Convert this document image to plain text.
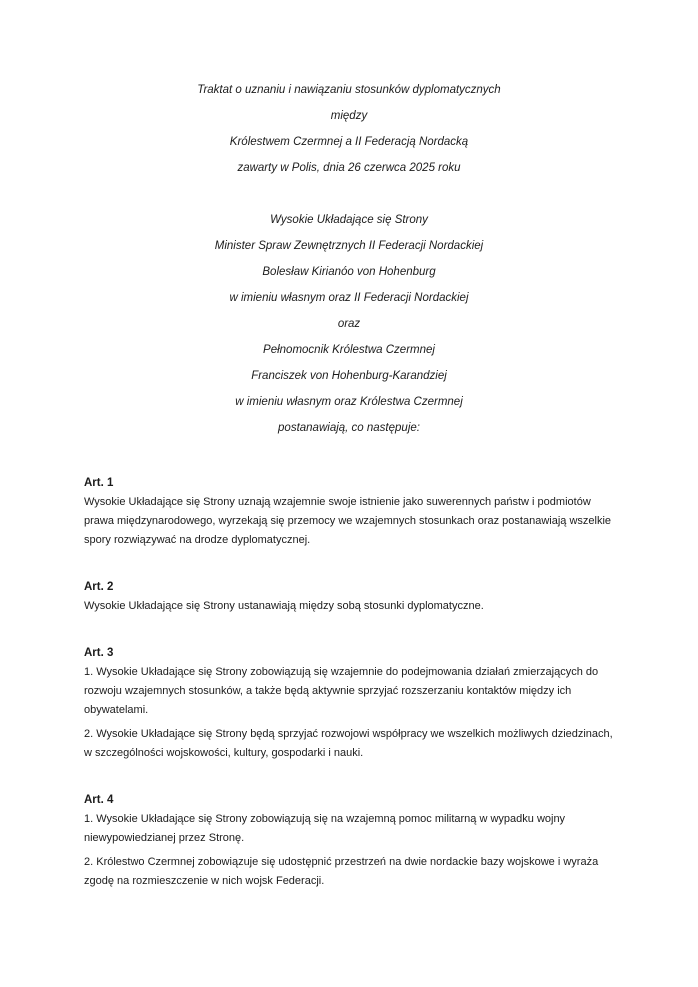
Traktat o uznaniu i nawiązaniu stosunków dyplomatycznych

między

Królestwem Czermnej a II Federacją Nordacką

zawarty w Polis, dnia 26 czerwca 2025 roku

Wysokie Układające się Strony

Minister Spraw Zewnętrznych II Federacji Nordackiej

Bolesław Kirianóo von Hohenburg

w imieniu własnym oraz II Federacji Nordackiej

oraz

Pełnomocnik Królestwa Czermnej

Franciszek von Hohenburg-Karandziej

w imieniu własnym oraz Królestwa Czermnej

postanawiają, co następuje:

Art. 1

Wysokie Układające się Strony uznają wzajemnie swoje istnienie jako suwerennych państw i podmiotów prawa międzynarodowego, wyrzekają się przemocy we wzajemnych stosunkach oraz postanawiają wszelkie spory rozwiązywać na drodze dyplomatycznej.

Art. 2

Wysokie Układające się Strony ustanawiają między sobą stosunki dyplomatyczne.

Art. 3

1. Wysokie Układające się Strony zobowiązują się wzajemnie do podejmowania działań zmierzających do rozwoju wzajemnych stosunków, a także będą aktywnie sprzyjać rozszerzaniu kontaktów między ich obywatelami.

2. Wysokie Układające się Strony będą sprzyjać rozwojowi współpracy we wszelkich możliwych dziedzinach, w szczególności wojskowości, kultury, gospodarki i nauki.

Art. 4

1. Wysokie Układające się Strony zobowiązują się na wzajemną pomoc militarną w wypadku wojny niewypowiedzianej przez Stronę.

2. Królestwo Czermnej zobowiązuje się udostępnić przestrzeń na dwie nordackie bazy wojskowe i wyraża zgodę na rozmieszczenie w nich wojsk Federacji.
